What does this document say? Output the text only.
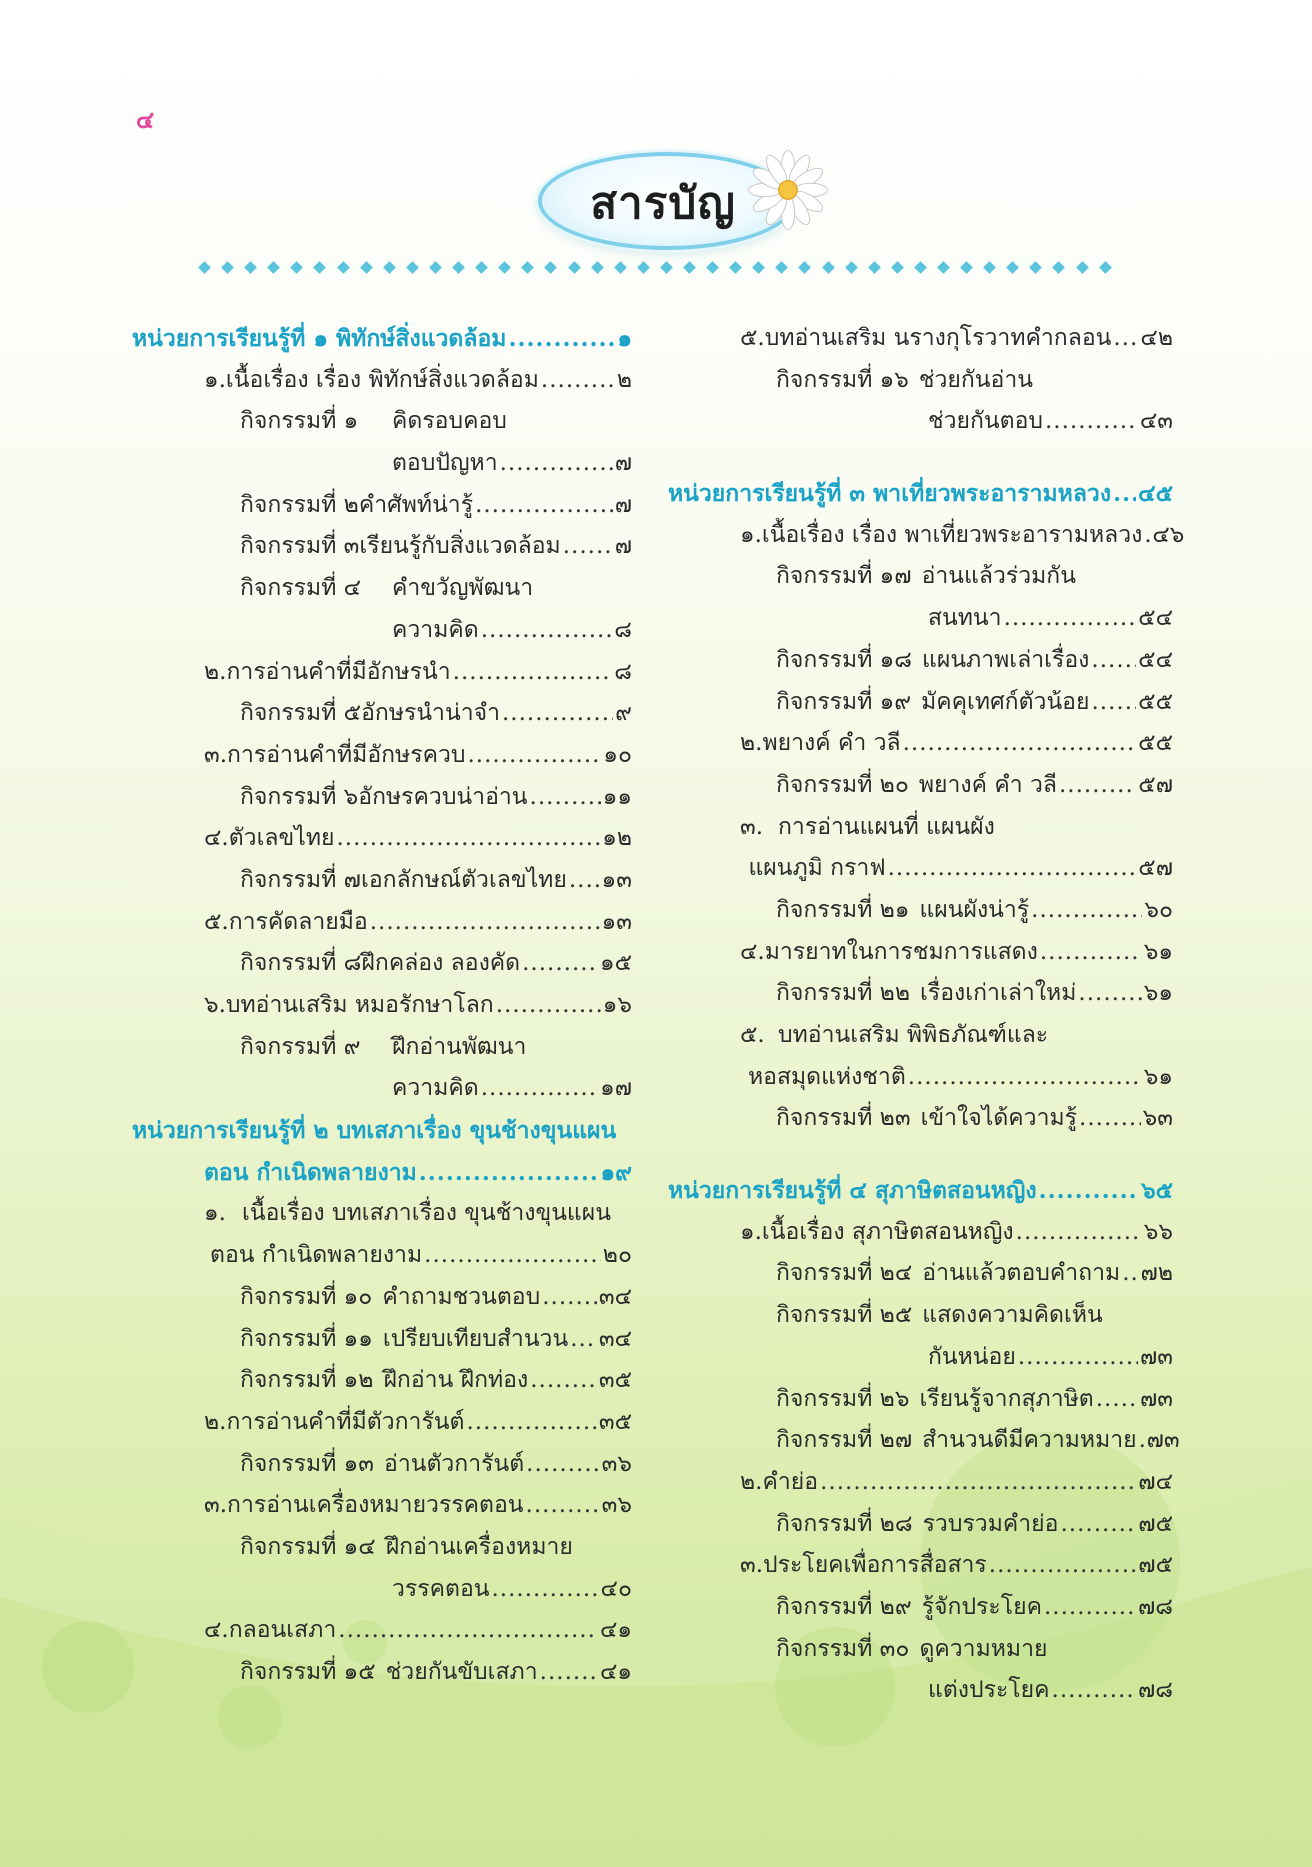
๔
สารบัญ
หน่วยการเรียนรู้ที่ ๑ พิทักษ์สิ่งแวดล้อม .....	๑
๑. เนื้อเรื่อง เรื่อง พิทักษ์สิ่งแวดล้อม .....	๒
กิจกรรมที่ ๑	คิดรอบคอบ
ตอบปัญหา .....	๗
กิจกรรมที่ ๒ คำศัพท์น่ารู้ .....	๗
กิจกรรมที่ ๓ เรียนรู้กับสิ่งแวดล้อม ..... ๗
กิจกรรมที่ ๔	คำขวัญพัฒนา
ความคิด .....	๘
๒. การอ่านคำที่มีอักษรนำ .....	๘
กิจกรรมที่ ๕ อักษรนำน่าจำ .....	๙
๓. การอ่านคำที่มีอักษรควบ .....	๑๐
กิจกรรมที่ ๖ อักษรควบน่าอ่าน .....	๑๑
๔. ตัวเลขไทย .....	๑๒
กิจกรรมที่ ๗ เอกลักษณ์ตัวเลขไทย ..... ๑๓
๕. การคัดลายมือ .....	๑๓
กิจกรรมที่ ๘ ฝึกคล่อง ลองคัด .....	๑๕
๖. บทอ่านเสริม หมอรักษาโลก .....	๑๖
กิจกรรมที่ ๙	ฝึกอ่านพัฒนา
ความคิด .....	๑๗
หน่วยการเรียนรู้ที่ ๒ บทเสภาเรื่อง ขุนช้างขุนแผน
ตอน กำเนิดพลายงาม .....	๑๙
๑. เนื้อเรื่อง บทเสภาเรื่อง ขุนช้างขุนแผน
ตอน กำเนิดพลายงาม .....	๒๐
กิจกรรมที่ ๑๐ คำถามชวนตอบ .....	๓๔
กิจกรรมที่ ๑๑ เปรียบเทียบสำนวน ..... ๓๔
กิจกรรมที่ ๑๒ ฝึกอ่าน ฝึกท่อง .....	๓๕
๒. การอ่านคำที่มีตัวการันต์ .....	๓๕
กิจกรรมที่ ๑๓ อ่านตัวการันต์ .....	๓๖
๓. การอ่านเครื่องหมายวรรคตอน .....	๓๖
กิจกรรมที่ ๑๔ ฝึกอ่านเครื่องหมาย
วรรคตอน .....	๔๐
๔. กลอนเสภา .....	๔๑
กิจกรรมที่ ๑๕ ช่วยกันขับเสภา .....	๔๑
๕. บทอ่านเสริม นรางกุโรวาทคำกลอน ..... ๔๒
กิจกรรมที่ ๑๖ ช่วยกันอ่าน
ช่วยกันตอบ .....	๔๓
หน่วยการเรียนรู้ที่ ๓ พาเที่ยวพระอารามหลวง ..... ๔๕
๑. เนื้อเรื่อง เรื่อง พาเที่ยวพระอารามหลวง ..... ๔๖
กิจกรรมที่ ๑๗ อ่านแล้วร่วมกัน
สนทนา .....	๕๔
กิจกรรมที่ ๑๘ แผนภาพเล่าเรื่อง ..... ๕๔
กิจกรรมที่ ๑๙ มัคคุเทศก์ตัวน้อย ..... ๕๕
๒. พยางค์ คำ วลี .....	๕๕
กิจกรรมที่ ๒๐ พยางค์ คำ วลี .....	๕๗
๓. การอ่านแผนที่ แผนผัง
แผนภูมิ กราฟ .....	๕๗
กิจกรรมที่ ๒๑ แผนผังน่ารู้ .....	๖๐
๔. มารยาทในการชมการแสดง .....	๖๑
กิจกรรมที่ ๒๒ เรื่องเก่าเล่าใหม่ .....	๖๑
๕. บทอ่านเสริม พิพิธภัณฑ์และ
หอสมุดแห่งชาติ .....	๖๑
กิจกรรมที่ ๒๓ เข้าใจได้ความรู้ .....	๖๓
หน่วยการเรียนรู้ที่ ๔ สุภาษิตสอนหญิง .....	๖๕
๑. เนื้อเรื่อง สุภาษิตสอนหญิง .....	๖๖
กิจกรรมที่ ๒๔ อ่านแล้วตอบคำถาม ..... ๗๒
กิจกรรมที่ ๒๕ แสดงความคิดเห็น
กันหน่อย .....	๗๓
กิจกรรมที่ ๒๖ เรียนรู้จากสุภาษิต ..... ๗๓
กิจกรรมที่ ๒๗ สำนวนดีมีความหมาย ..... ๗๓
๒. คำย่อ .....	๗๔
กิจกรรมที่ ๒๘ รวบรวมคำย่อ .....	๗๕
๓. ประโยคเพื่อการสื่อสาร .....	๗๕
กิจกรรมที่ ๒๙ รู้จักประโยค .....	๗๘
กิจกรรมที่ ๓๐ ดูความหมาย
แต่งประโยค .....	๗๘
